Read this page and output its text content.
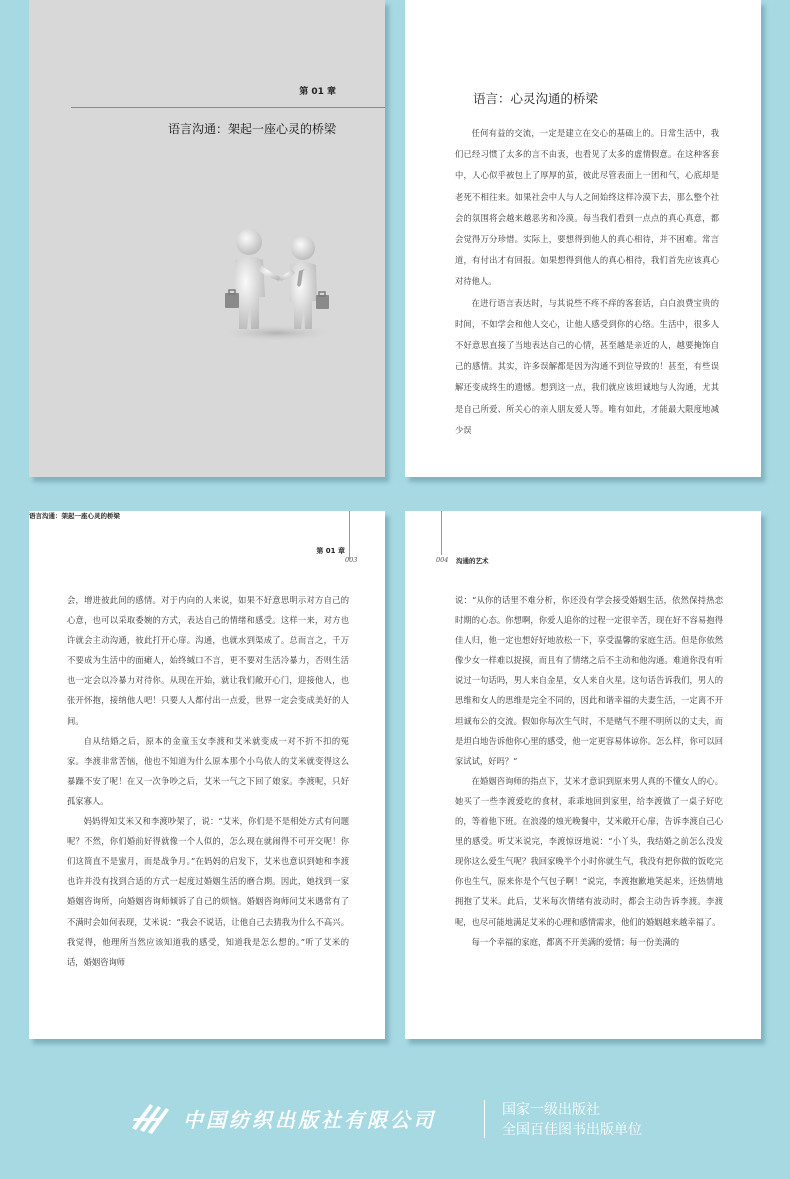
第 01 章
语言沟通：架起一座心灵的桥梁
语言：心灵沟通的桥梁

任何有益的交流，一定是建立在交心的基础上的。日常生活中，我们已经习惯了太多的言不由衷，也看见了太多的虚情假意。在这种客套中，人心似乎被包上了厚厚的茧，彼此尽管表面上一团和气，心底却是老死不相往来。如果社会中人与人之间始终这样冷漠下去，那么整个社会的氛围将会越来越恶劣和冷漠。每当我们看到一点点的真心真意，都会觉得万分珍惜。实际上，要想得到他人的真心相待，并不困难。常言道，有付出才有回报。如果想得到他人的真心相待，我们首先应该真心对待他人。

在进行语言表达时，与其说些不疼不痒的客套话，白白浪费宝贵的时间，不如学会和他人交心，让他人感受到你的心络。生活中，很多人不好意思直接了当地表达自己的心情，甚至越是亲近的人，越要掩饰自己的感情。其实，许多误解都是因为沟通不到位导致的！甚至，有些误解还变成终生的遗憾。想到这一点，我们就应该坦诚地与人沟通，尤其是自己所爱、所关心的亲人朋友爱人等。唯有如此，才能最大限度地减少误

第 01 章
语言沟通：架起一座心灵的桥梁
003

会，增进彼此间的感情。对于内向的人来说，如果不好意思明示对方自己的心意，也可以采取委婉的方式，表达自己的情绪和感受。这样一来，对方也许就会主动沟通，彼此打开心扉。沟通，也就水到渠成了。总而言之，千万不要成为生活中的面瘫人，始终缄口不言，更不要对生活冷暴力，否则生活也一定会以冷暴力对待你。从现在开始，就让我们敞开心门，迎接他人，也张开怀抱，接纳他人吧！只要人人都付出一点爱，世界一定会变成美好的人间。

自从结婚之后，原本的金童玉女李渡和艾米就变成一对不折不扣的冤家。李渡非常苦恼，他也不知道为什么原本那个小鸟依人的艾米就变得这么暴躁不安了呢！在又一次争吵之后，艾米一气之下回了娘家。李渡呢，只好孤家寡人。

妈妈得知艾米又和李渡吵架了，说：“艾米，你们是不是相处方式有问题呢？不然，你们婚前好得就像一个人似的，怎么现在就闹得不可开交呢！你们这简直不是蜜月，而是战争月。”在妈妈的启发下，艾米也意识到她和李渡也许并没有找到合适的方式一起度过婚姻生活的磨合期。因此，她找到一家婚姻咨询所，向婚姻咨询师倾诉了自己的烦恼。婚姻咨询师问艾米遇常有了不满时会如何表现，艾米说：“我会不说话，让他自己去猜我为什么不高兴。我觉得，他理所当然应该知道我的感受，知道我是怎么想的。”听了艾米的话，婚姻咨询师

004 沟通的艺术

说：“从你的话里不难分析，你还没有学会接受婚姻生活，依然保持热恋时期的心态。你想啊，你爱人追你的过程一定很辛苦，现在好不容易抱得佳人归，他一定也想好好地放松一下，享受温馨的家庭生活。但是你依然像少女一样难以捉摸，而且有了情绪之后不主动和他沟通。难道你没有听说过一句话吗，男人来自金星，女人来自火星。这句话告诉我们，男人的思维和女人的思维是完全不同的，因此和谐幸福的夫妻生活，一定离不开坦诚布公的交流。假如你每次生气时，不是赌气不理不明所以的丈夫，而是坦白地告诉他你心里的感受，他一定更容易体谅你。怎么样，你可以回家试试，好吗？”

在婚姻咨询师的指点下，艾米才意识到原来男人真的不懂女人的心。她买了一些李渡爱吃的食材，乖乖地回到家里，给李渡做了一桌子好吃的，等着他下班。在浪漫的烛光晚餐中，艾米敞开心扉，告诉李渡自己心里的感受。听艾米说完，李渡惊讶地说：“小丫头，我结婚之前怎么没发现你这么爱生气呢？我回家晚半个小时你就生气，我没有把你做的饭吃完你也生气，原来你是个气包子啊！”说完，李渡抱歉地笑起来，还热情地拥抱了艾米。此后，艾米每次情绪有波动时，都会主动告诉李渡。李渡呢，也尽可能地满足艾米的心理和感情需求，他们的婚姻越来越幸福了。

每一个幸福的家庭，都离不开美满的爱情；每一份美满的

中国纺织出版社有限公司	国家一级出版社
全国百佳图书出版单位
